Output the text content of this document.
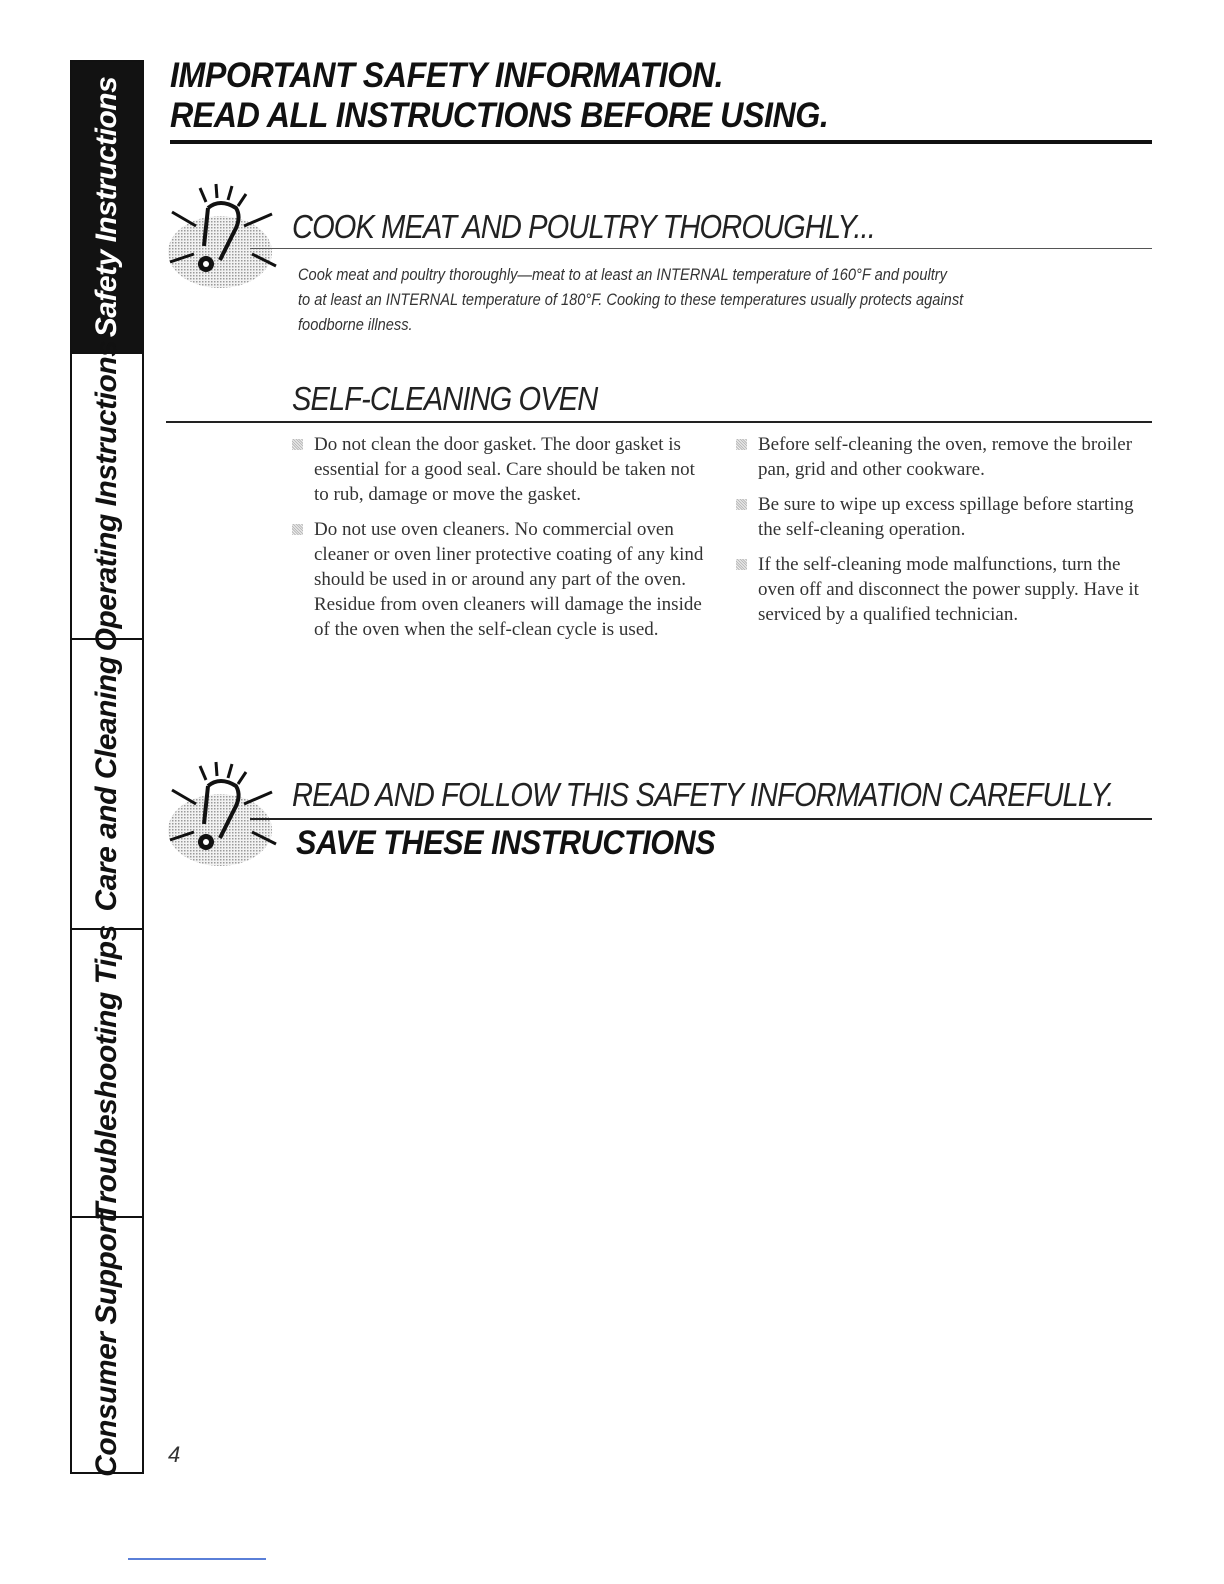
Safety Instructions
Operating Instructions
Care and Cleaning
Troubleshooting Tips
Consumer Support
IMPORTANT SAFETY INFORMATION.
READ ALL INSTRUCTIONS BEFORE USING.
COOK MEAT AND POULTRY THOROUGHLY...
Cook meat and poultry thoroughly—meat to at least an INTERNAL temperature of 160°F and poultry
to at least an INTERNAL temperature of 180°F. Cooking to these temperatures usually protects against
foodborne illness.
SELF-CLEANING OVEN
Do not clean the door gasket. The door gasket is essential for a good seal. Care should be taken not to rub, damage or move the gasket.
Do not use oven cleaners. No commercial oven cleaner or oven liner protective coating of any kind should be used in or around any part of the oven. Residue from oven cleaners will damage the inside of the oven when the self-clean cycle is used.
Before self-cleaning the oven, remove the broiler pan, grid and other cookware.
Be sure to wipe up excess spillage before starting the self-cleaning operation.
If the self-cleaning mode malfunctions, turn the oven off and disconnect the power supply. Have it serviced by a qualified technician.
READ AND FOLLOW THIS SAFETY INFORMATION CAREFULLY.
SAVE THESE INSTRUCTIONS
4
